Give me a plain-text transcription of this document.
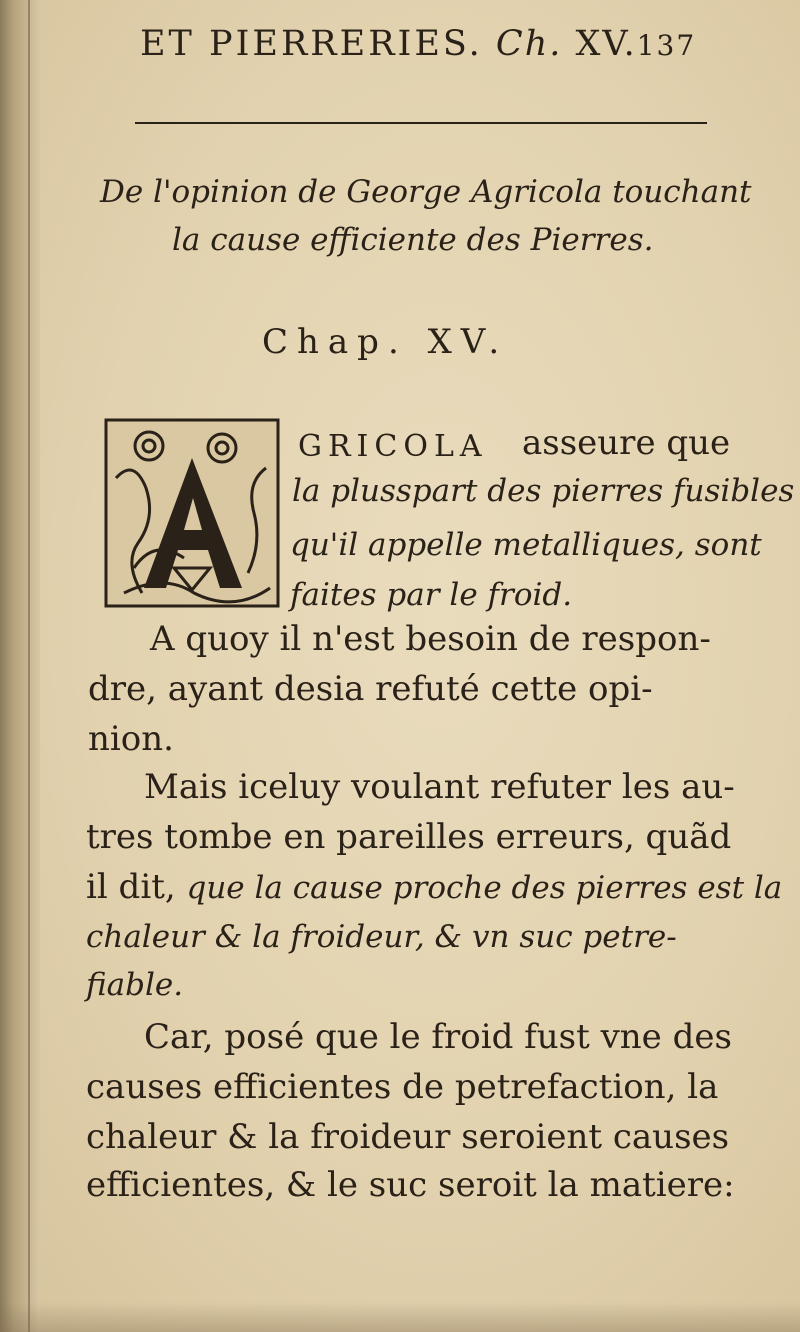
ET PIERRERIES. Ch. XV.137
De l'opinion de George Agricola touchant
la cause efficiente des Pierres.
Chap. XV.
A
GRICOLA asseure que
la plusspart des pierres fusibles
qu'il appelle metalliques, sont
faites par le froid.
A quoy il n'est besoin de respon-
dre, ayant desia refuté cette opi-
nion.
Mais iceluy voulant refuter les au-
tres tombe en pareilles erreurs, quãd
il dit, que la cause proche des pierres est la
chaleur & la froideur, & vn suc petre-
fiable.
Car, posé que le froid fust vne des
causes efficientes de petrefaction, la
chaleur & la froideur seroient causes
efficientes, & le suc seroit la matiere:
